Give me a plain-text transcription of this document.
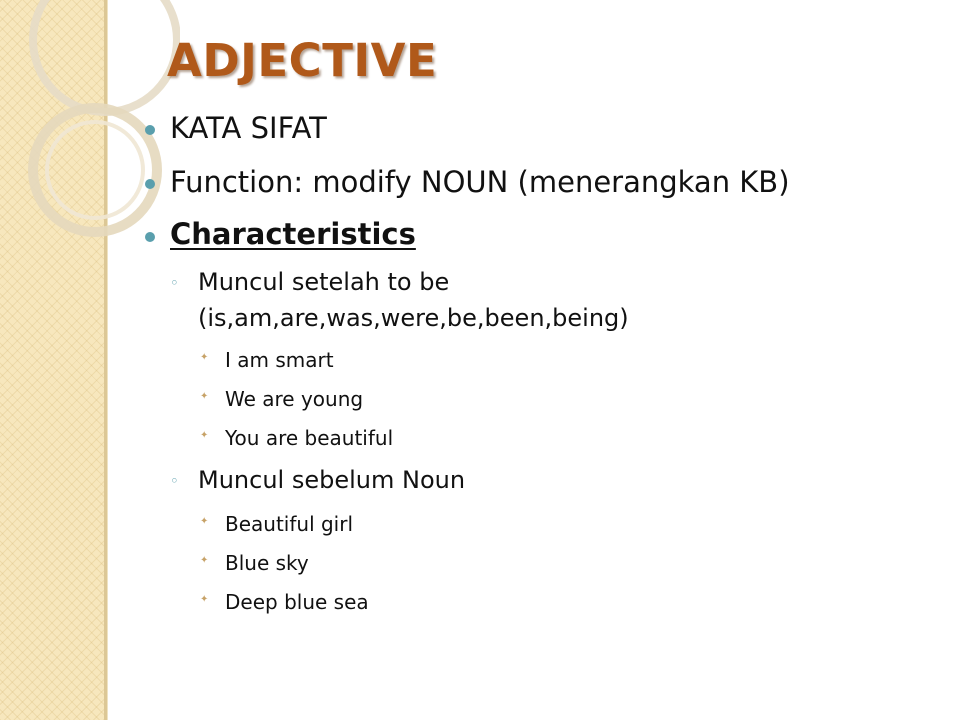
ADJECTIVE
KATA SIFAT
Function: modify NOUN (menerangkan KB)
Characteristics
◦ Muncul setelah to be
(is,am,are,was,were,be,been,being)
✦ I am smart
✦ We are young
✦ You are beautiful
◦ Muncul sebelum Noun
✦ Beautiful girl
✦ Blue sky
✦ Deep blue sea
